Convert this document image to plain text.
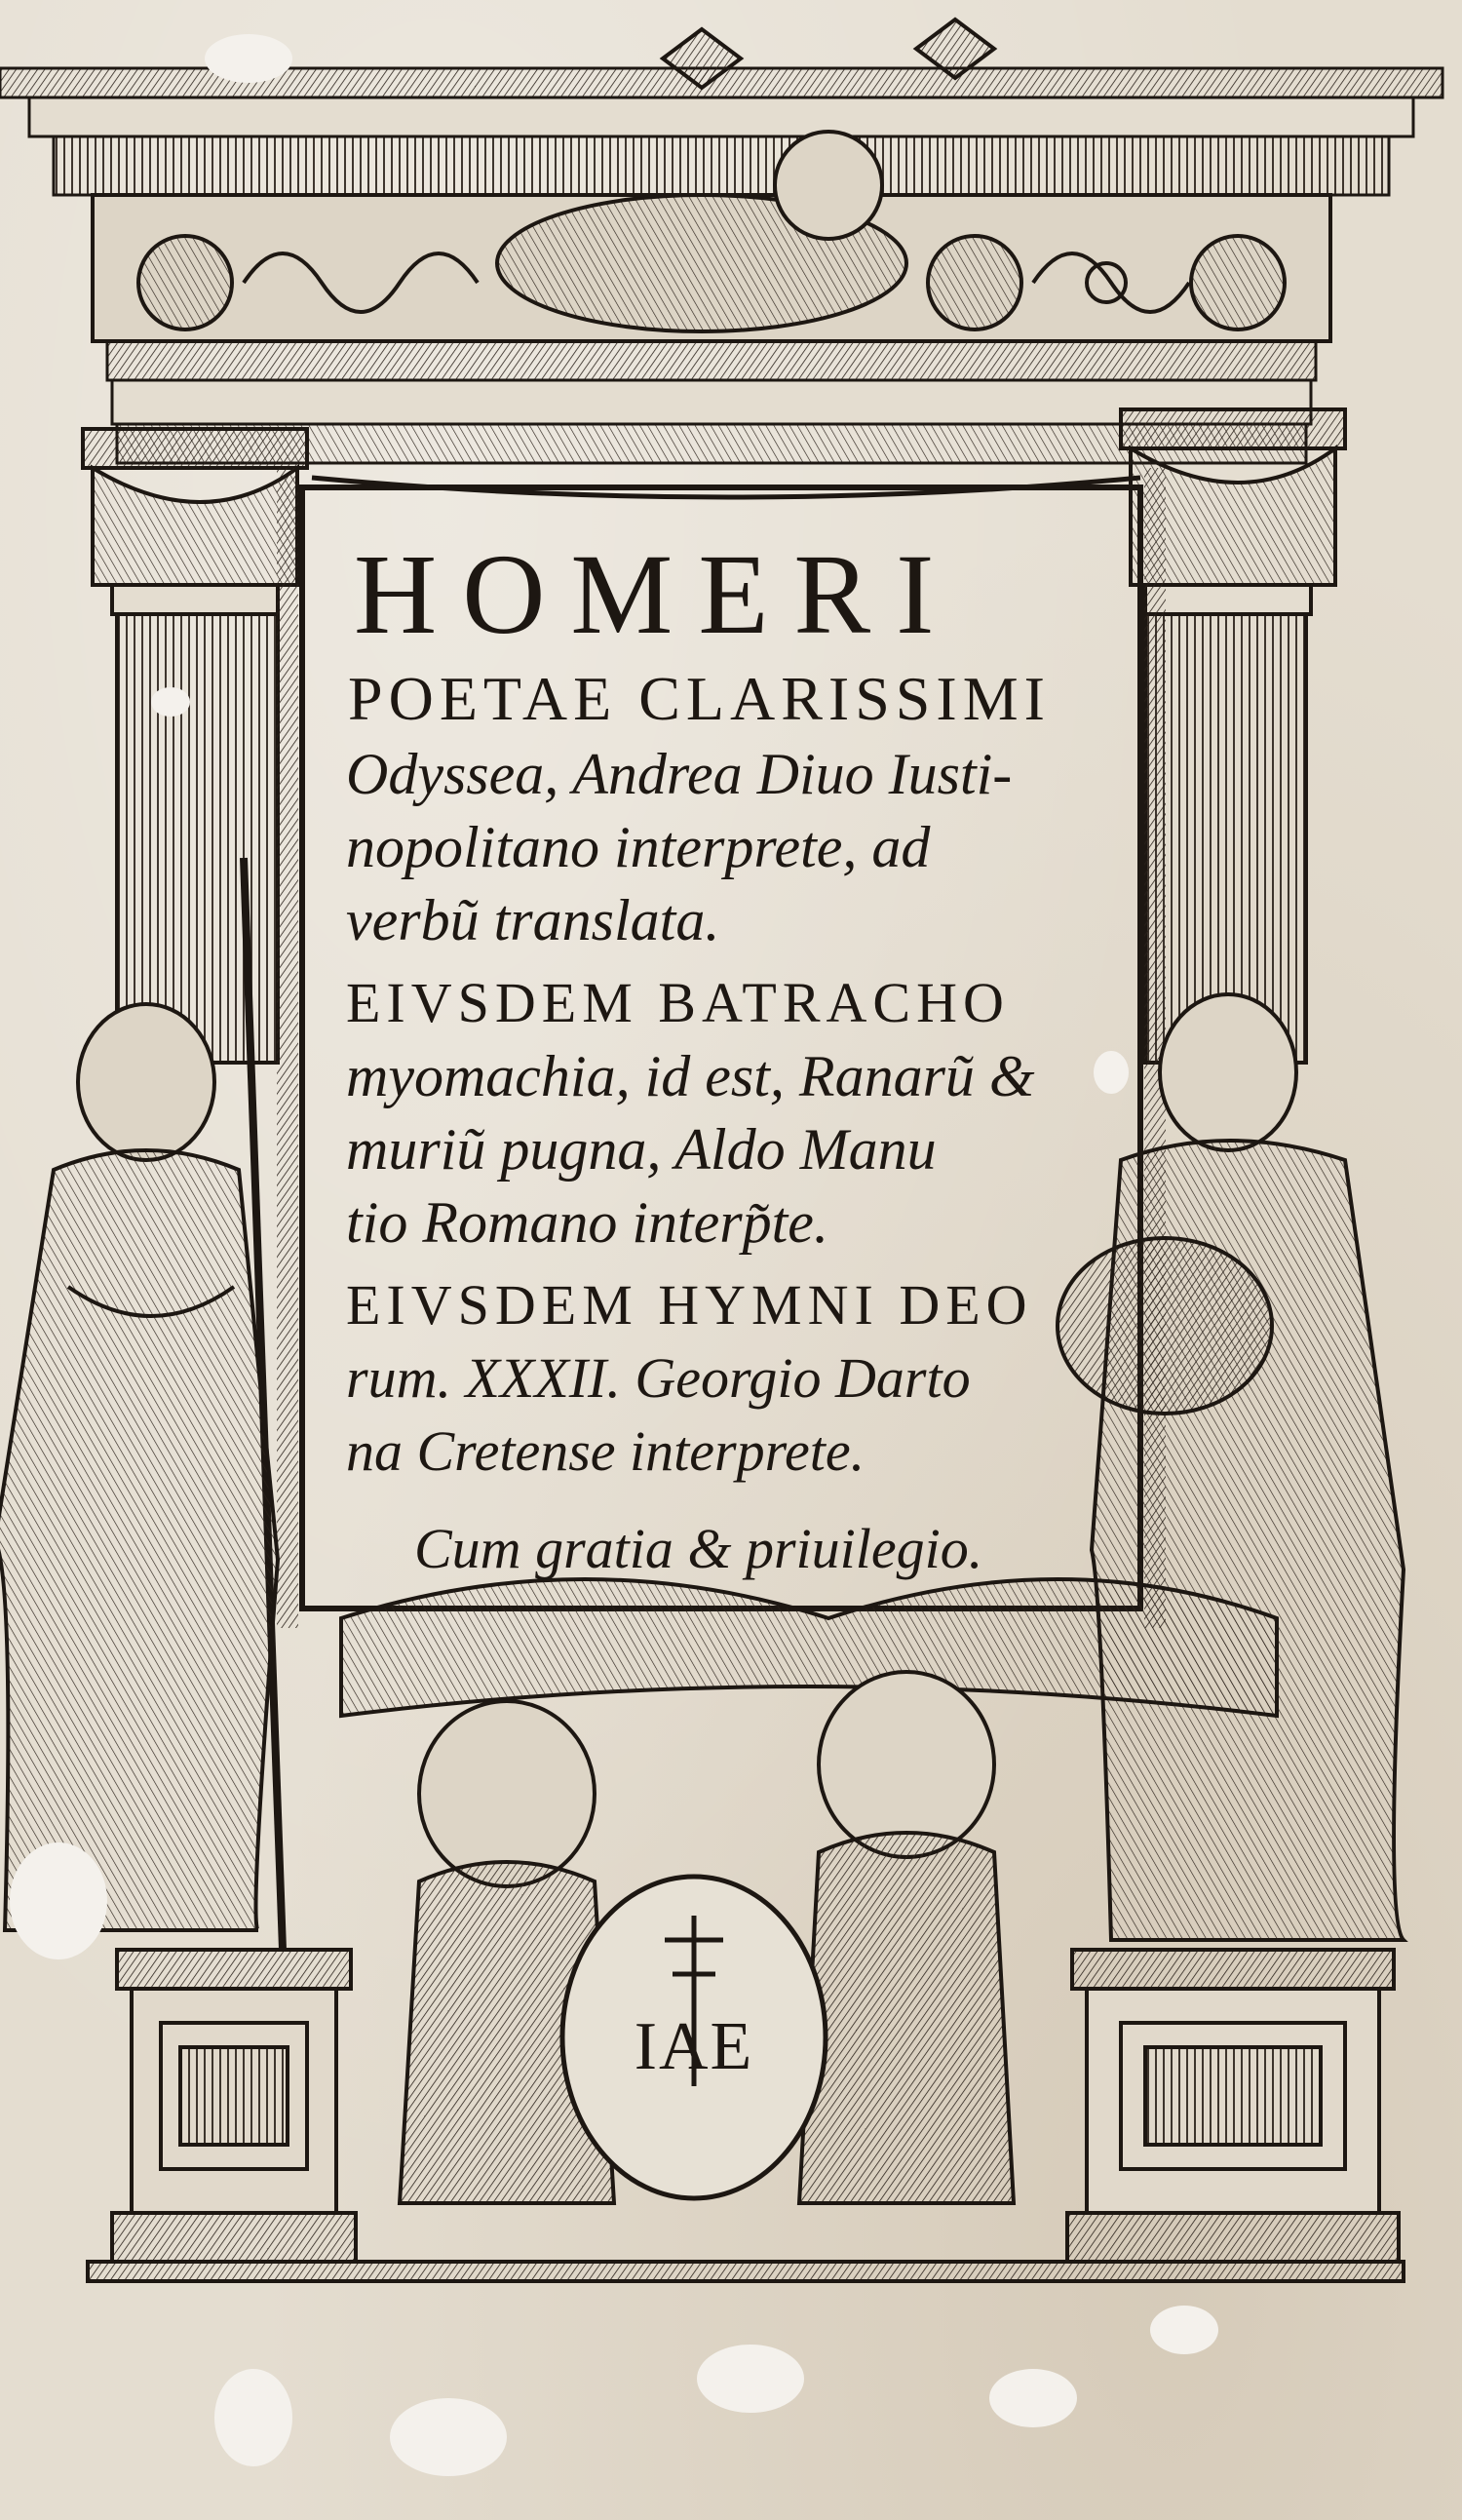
IAE
HOMERI
POETAE CLARISSIMI
Odyssea, Andrea Diuo Iusti-
nopolitano interprete, ad
verbũ translata.
EIVSDEM BATRACHO
myomachia, id est, Ranarũ &
muriũ pugna, Aldo Manu
tio Romano interp̃te.
EIVSDEM HYMNI DEO
rum. XXXII. Georgio Darto
na Cretense interprete.
Cum gratia & priuilegio.
